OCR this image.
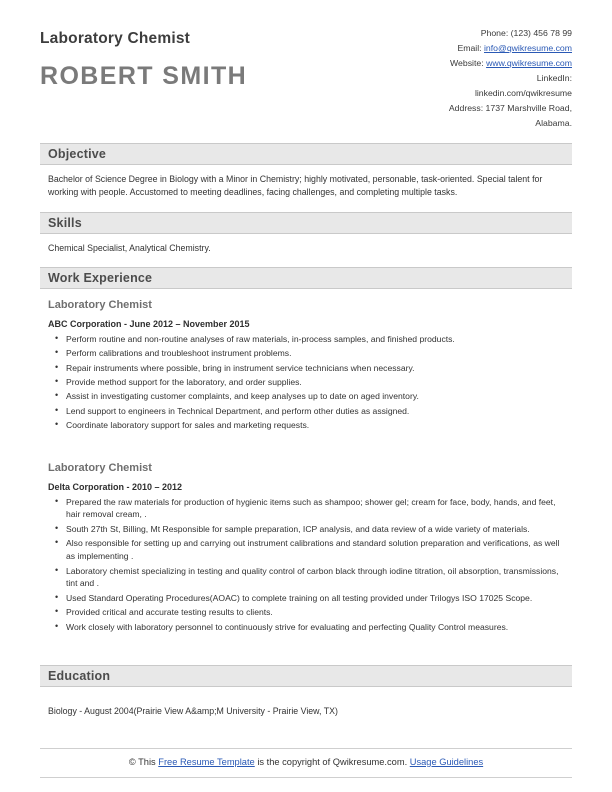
Laboratory Chemist
ROBERT SMITH
Phone: (123) 456 78 99
Email: info@qwikresume.com
Website: www.qwikresume.com
LinkedIn:
linkedin.com/qwikresume
Address: 1737 Marshville Road,
Alabama.
Objective

Bachelor of Science Degree in Biology with a Minor in Chemistry; highly motivated, personable, task-oriented. Special talent for working with people. Accustomed to meeting deadlines, facing challenges, and completing multiple tasks.

Skills

Chemical Specialist, Analytical Chemistry.

Work Experience
Laboratory Chemist
ABC Corporation - June 2012 – November 2015
• Perform routine and non-routine analyses of raw materials, in-process samples, and finished products.
• Perform calibrations and troubleshoot instrument problems.
• Repair instruments where possible, bring in instrument service technicians when necessary.
• Provide method support for the laboratory, and order supplies.
• Assist in investigating customer complaints, and keep analyses up to date on aged inventory.
• Lend support to engineers in Technical Department, and perform other duties as assigned.
• Coordinate laboratory support for sales and marketing requests.
Laboratory Chemist
Delta Corporation - 2010 – 2012
• Prepared the raw materials for production of hygienic items such as shampoo; shower gel; cream for face, body, hands, and feet, hair removal cream, .
• South 27th St, Billing, Mt Responsible for sample preparation, ICP analysis, and data review of a wide variety of materials.
• Also responsible for setting up and carrying out instrument calibrations and standard solution preparation and verifications, as well as implementing .
• Laboratory chemist specializing in testing and quality control of carbon black through iodine titration, oil absorption, transmissions, tint and .
• Used Standard Operating Procedures(AOAC) to complete training on all testing provided under Trilogys ISO 17025 Scope.
• Provided critical and accurate testing results to clients.
• Work closely with laboratory personnel to continuously strive for evaluating and perfecting Quality Control measures.
Education

Biology - August 2004(Prairie View A&amp;M University - Prairie View, TX)

© This Free Resume Template is the copyright of Qwikresume.com. Usage Guidelines
